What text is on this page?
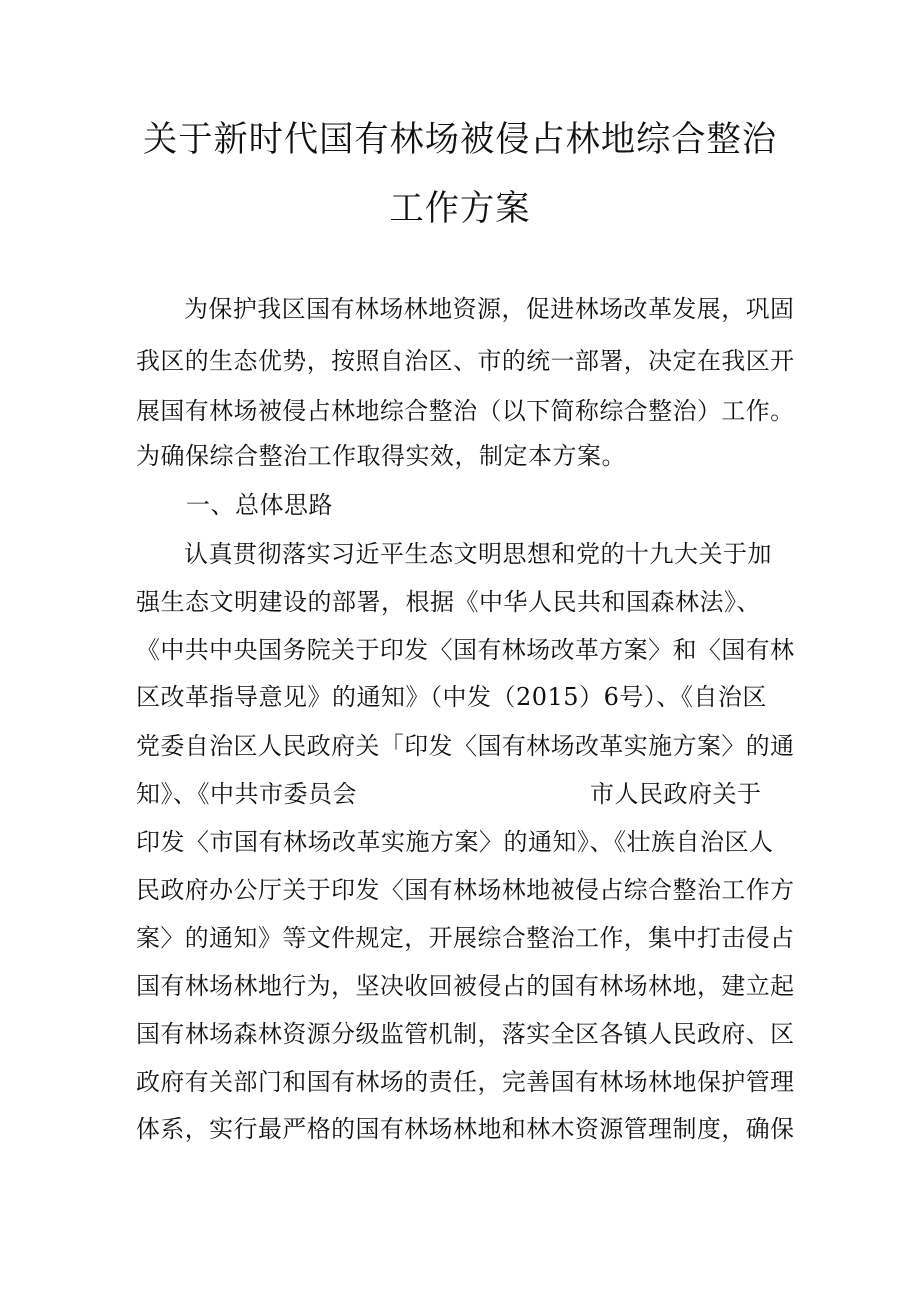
关于新时代国有林场被侵占林地综合整治
工作方案
为保护我区国有林场林地资源，促进林场改革发展，巩固
我区的生态优势，按照自治区、市的统一部署，决定在我区开
展国有林场被侵占林地综合整治（以下简称综合整治）工作。
为确保综合整治工作取得实效，制定本方案。
一、总体思路
认真贯彻落实习近平生态文明思想和党的十九大关于加
强生态文明建设的部署，根据《中华人民共和国森林法》、
《中共中央国务院关于印发〈国有林场改革方案〉和〈国有林
区改革指导意见》的通知》（中发（2015）6号）、《自治区
党委自治区人民政府关「印发〈国有林场改革实施方案〉的通
知》、《中共市委员会	市人民政府关于
印发〈市国有林场改革实施方案〉的通知》、《壮族自治区人
民政府办公厅关于印发〈国有林场林地被侵占综合整治工作方
案〉的通知》等文件规定，开展综合整治工作，集中打击侵占
国有林场林地行为，坚决收回被侵占的国有林场林地，建立起
国有林场森林资源分级监管机制，落实全区各镇人民政府、区
政府有关部门和国有林场的责任，完善国有林场林地保护管理
体系，实行最严格的国有林场林地和林木资源管理制度，确保
